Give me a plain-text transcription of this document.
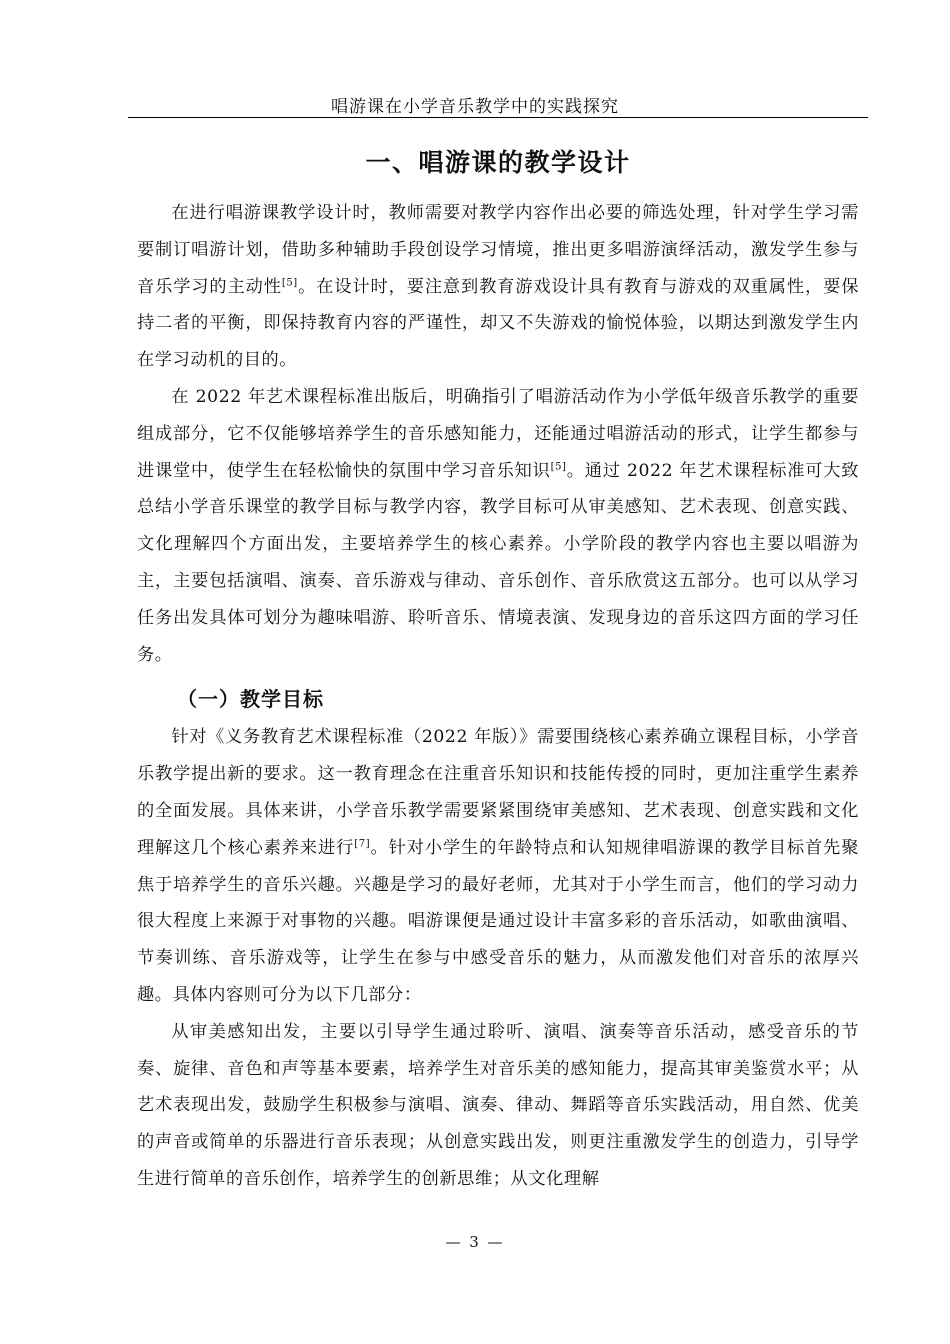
唱游课在小学音乐教学中的实践探究
一、唱游课的教学设计

在进行唱游课教学设计时，教师需要对教学内容作出必要的筛选处理，针对学生学习需要制订唱游计划，借助多种辅助手段创设学习情境，推出更多唱游演绎活动，激发学生参与音乐学习的主动性[5]。在设计时，要注意到教育游戏设计具有教育与游戏的双重属性，要保持二者的平衡，即保持教育内容的严谨性，却又不失游戏的愉悦体验，以期达到激发学生内在学习动机的目的。

在 2022 年艺术课程标准出版后，明确指引了唱游活动作为小学低年级音乐教学的重要组成部分，它不仅能够培养学生的音乐感知能力，还能通过唱游活动的形式，让学生都参与进课堂中，使学生在轻松愉快的氛围中学习音乐知识[5]。通过 2022 年艺术课程标准可大致总结小学音乐课堂的教学目标与教学内容，教学目标可从审美感知、艺术表现、创意实践、文化理解四个方面出发，主要培养学生的核心素养。小学阶段的教学内容也主要以唱游为主，主要包括演唱、演奏、音乐游戏与律动、音乐创作、音乐欣赏这五部分。也可以从学习任务出发具体可划分为趣味唱游、聆听音乐、情境表演、发现身边的音乐这四方面的学习任务。

（一）教学目标

针对《义务教育艺术课程标准（2022 年版）》需要围绕核心素养确立课程目标，小学音乐教学提出新的要求。这一教育理念在注重音乐知识和技能传授的同时，更加注重学生素养的全面发展。具体来讲，小学音乐教学需要紧紧围绕审美感知、艺术表现、创意实践和文化理解这几个核心素养来进行[7]。针对小学生的年龄特点和认知规律唱游课的教学目标首先聚焦于培养学生的音乐兴趣。兴趣是学习的最好老师，尤其对于小学生而言，他们的学习动力很大程度上来源于对事物的兴趣。唱游课便是通过设计丰富多彩的音乐活动，如歌曲演唱、节奏训练、音乐游戏等，让学生在参与中感受音乐的魅力，从而激发他们对音乐的浓厚兴趣。具体内容则可分为以下几部分：

从审美感知出发，主要以引导学生通过聆听、演唱、演奏等音乐活动，感受音乐的节奏、旋律、音色和声等基本要素，培养学生对音乐美的感知能力，提高其审美鉴赏水平；从艺术表现出发，鼓励学生积极参与演唱、演奏、律动、舞蹈等音乐实践活动，用自然、优美的声音或简单的乐器进行音乐表现；从创意实践出发，则更注重激发学生的创造力，引导学生进行简单的音乐创作，培养学生的创新思维；从文化理解

— 3 —
